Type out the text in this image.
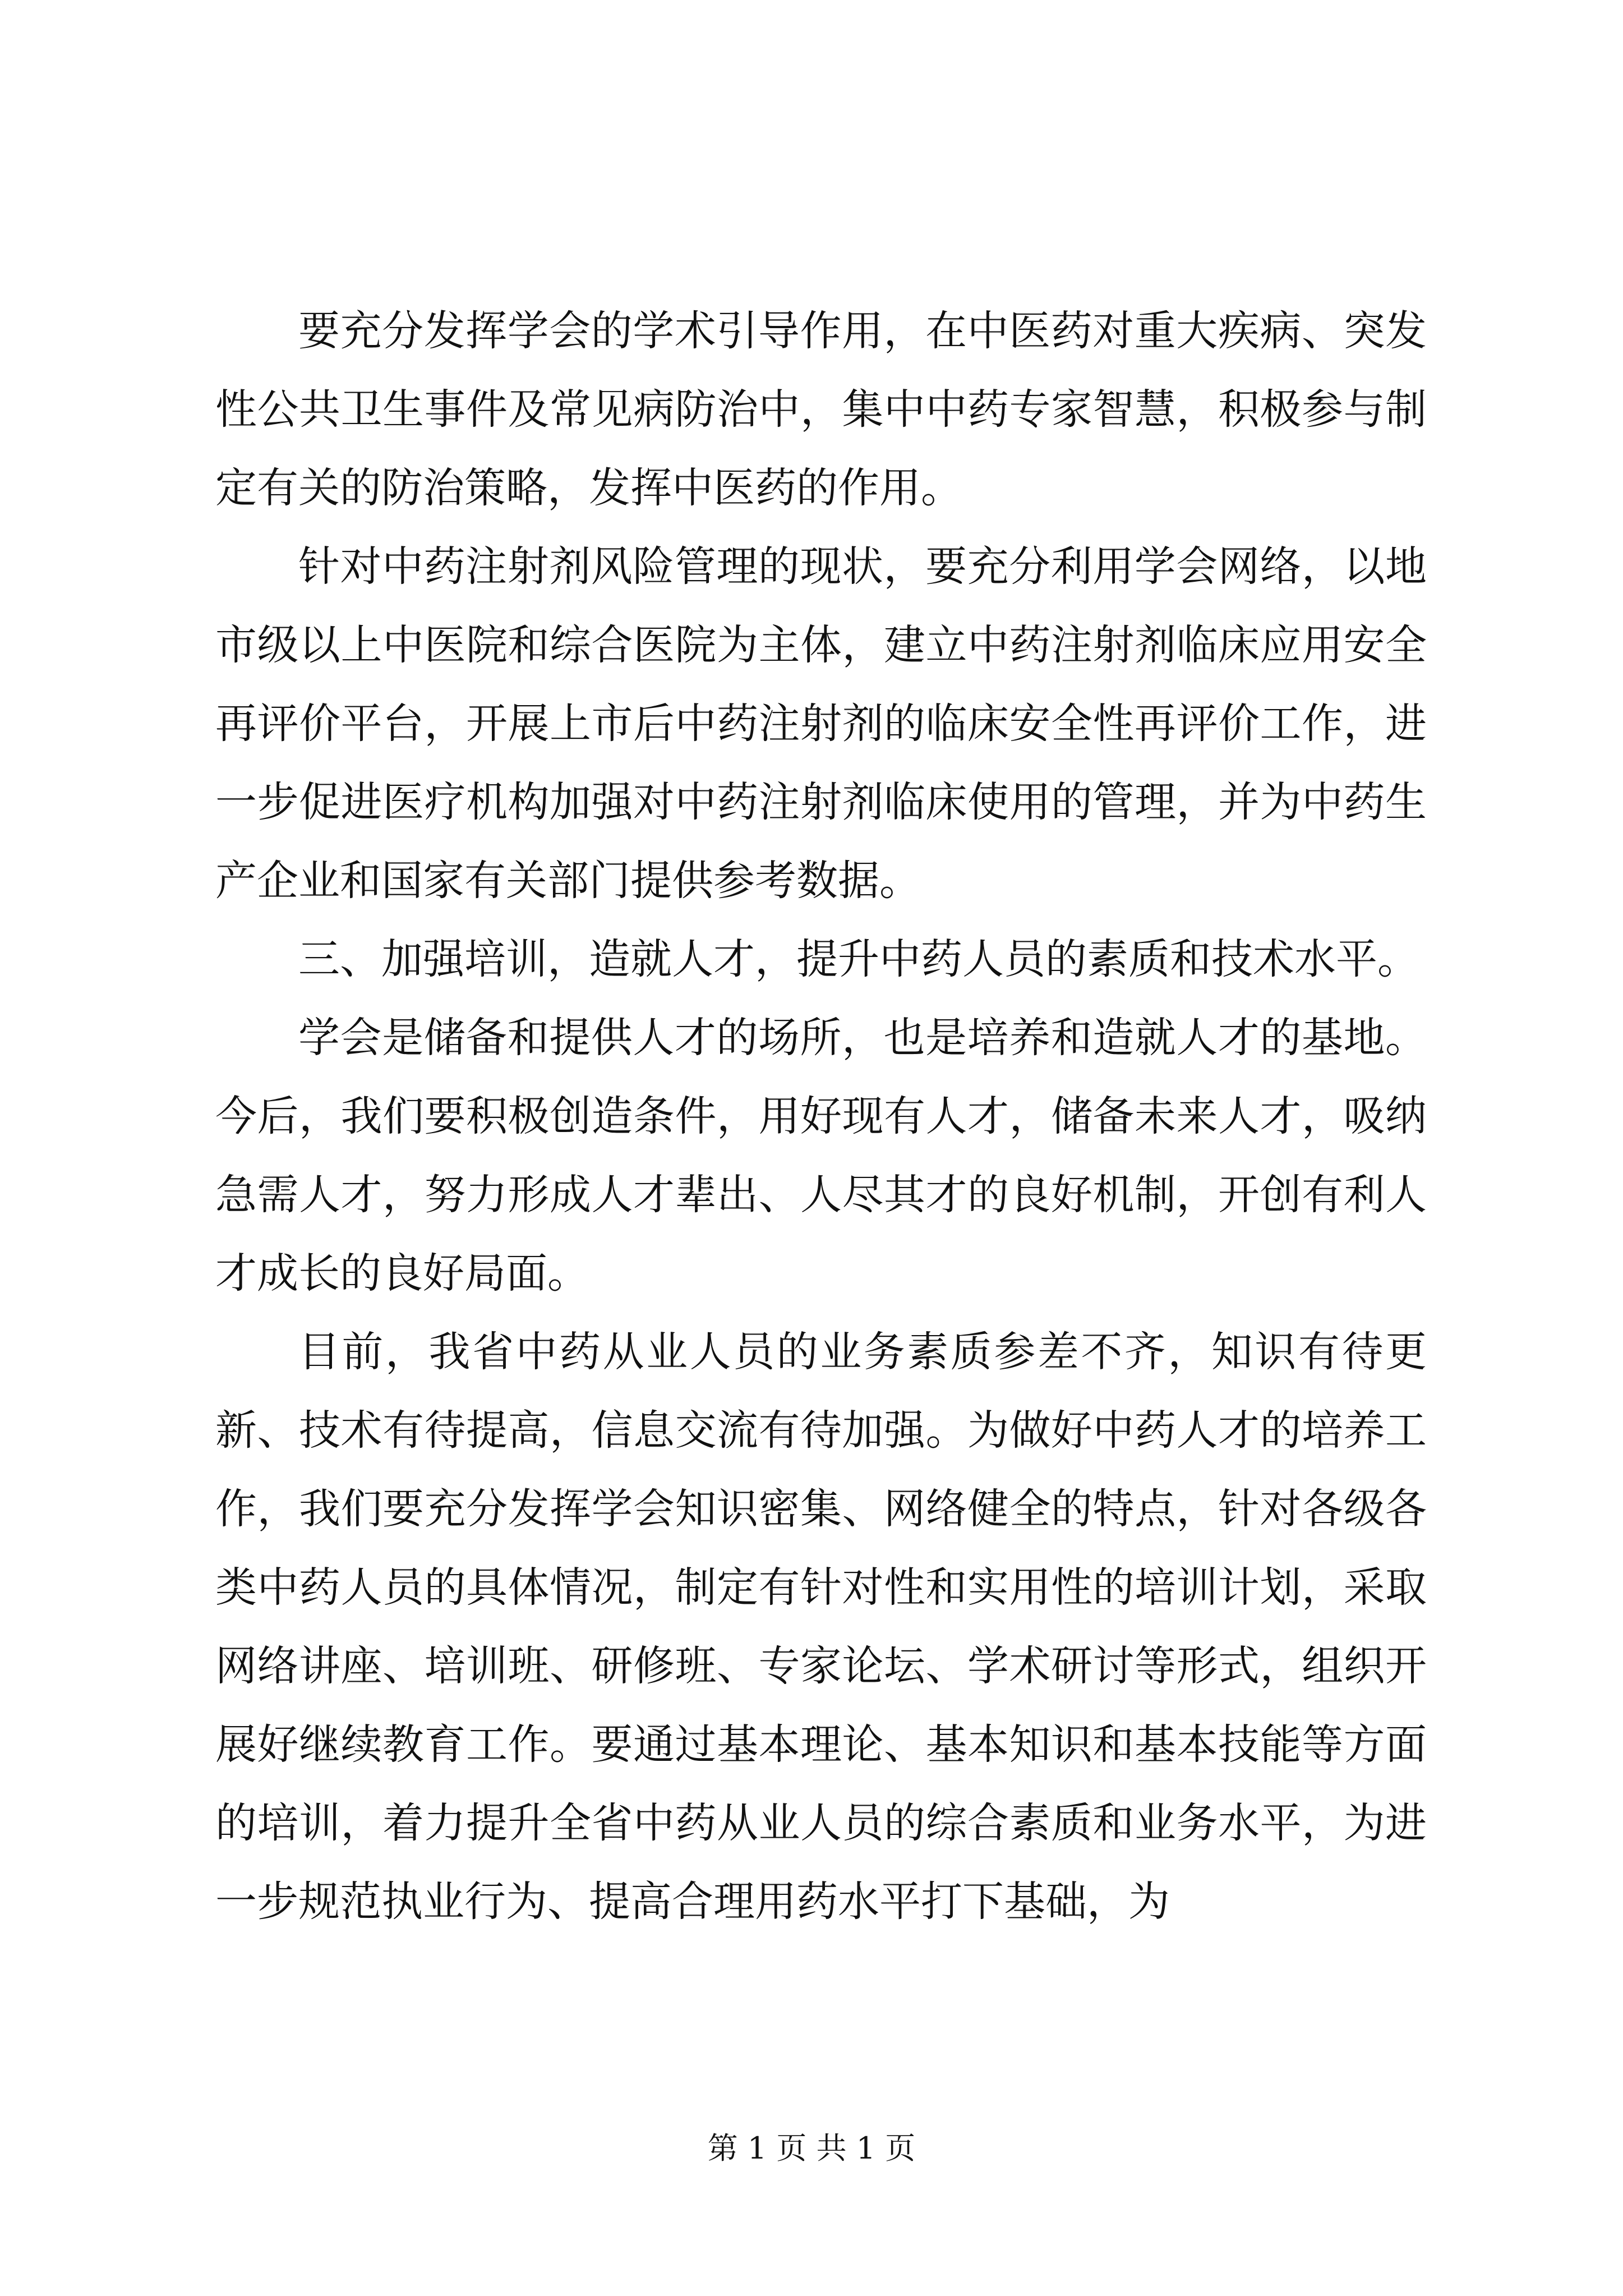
要充分发挥学会的学术引导作用，在中医药对重大疾病、突发性公共卫生事件及常见病防治中，集中中药专家智慧，积极参与制定有关的防治策略，发挥中医药的作用。

针对中药注射剂风险管理的现状，要充分利用学会网络，以地市级以上中医院和综合医院为主体，建立中药注射剂临床应用安全再评价平台，开展上市后中药注射剂的临床安全性再评价工作，进一步促进医疗机构加强对中药注射剂临床使用的管理，并为中药生产企业和国家有关部门提供参考数据。

三、加强培训，造就人才，提升中药人员的素质和技术水平。

学会是储备和提供人才的场所，也是培养和造就人才的基地。今后，我们要积极创造条件，用好现有人才，储备未来人才，吸纳急需人才，努力形成人才辈出、人尽其才的良好机制，开创有利人才成长的良好局面。

目前，我省中药从业人员的业务素质参差不齐，知识有待更新、技术有待提高，信息交流有待加强。为做好中药人才的培养工作，我们要充分发挥学会知识密集、网络健全的特点，针对各级各类中药人员的具体情况，制定有针对性和实用性的培训计划，采取网络讲座、培训班、研修班、专家论坛、学术研讨等形式，组织开展好继续教育工作。要通过基本理论、基本知识和基本技能等方面的培训，着力提升全省中药从业人员的综合素质和业务水平，为进一步规范执业行为、提高合理用药水平打下基础，为

第 1 页 共 1 页
